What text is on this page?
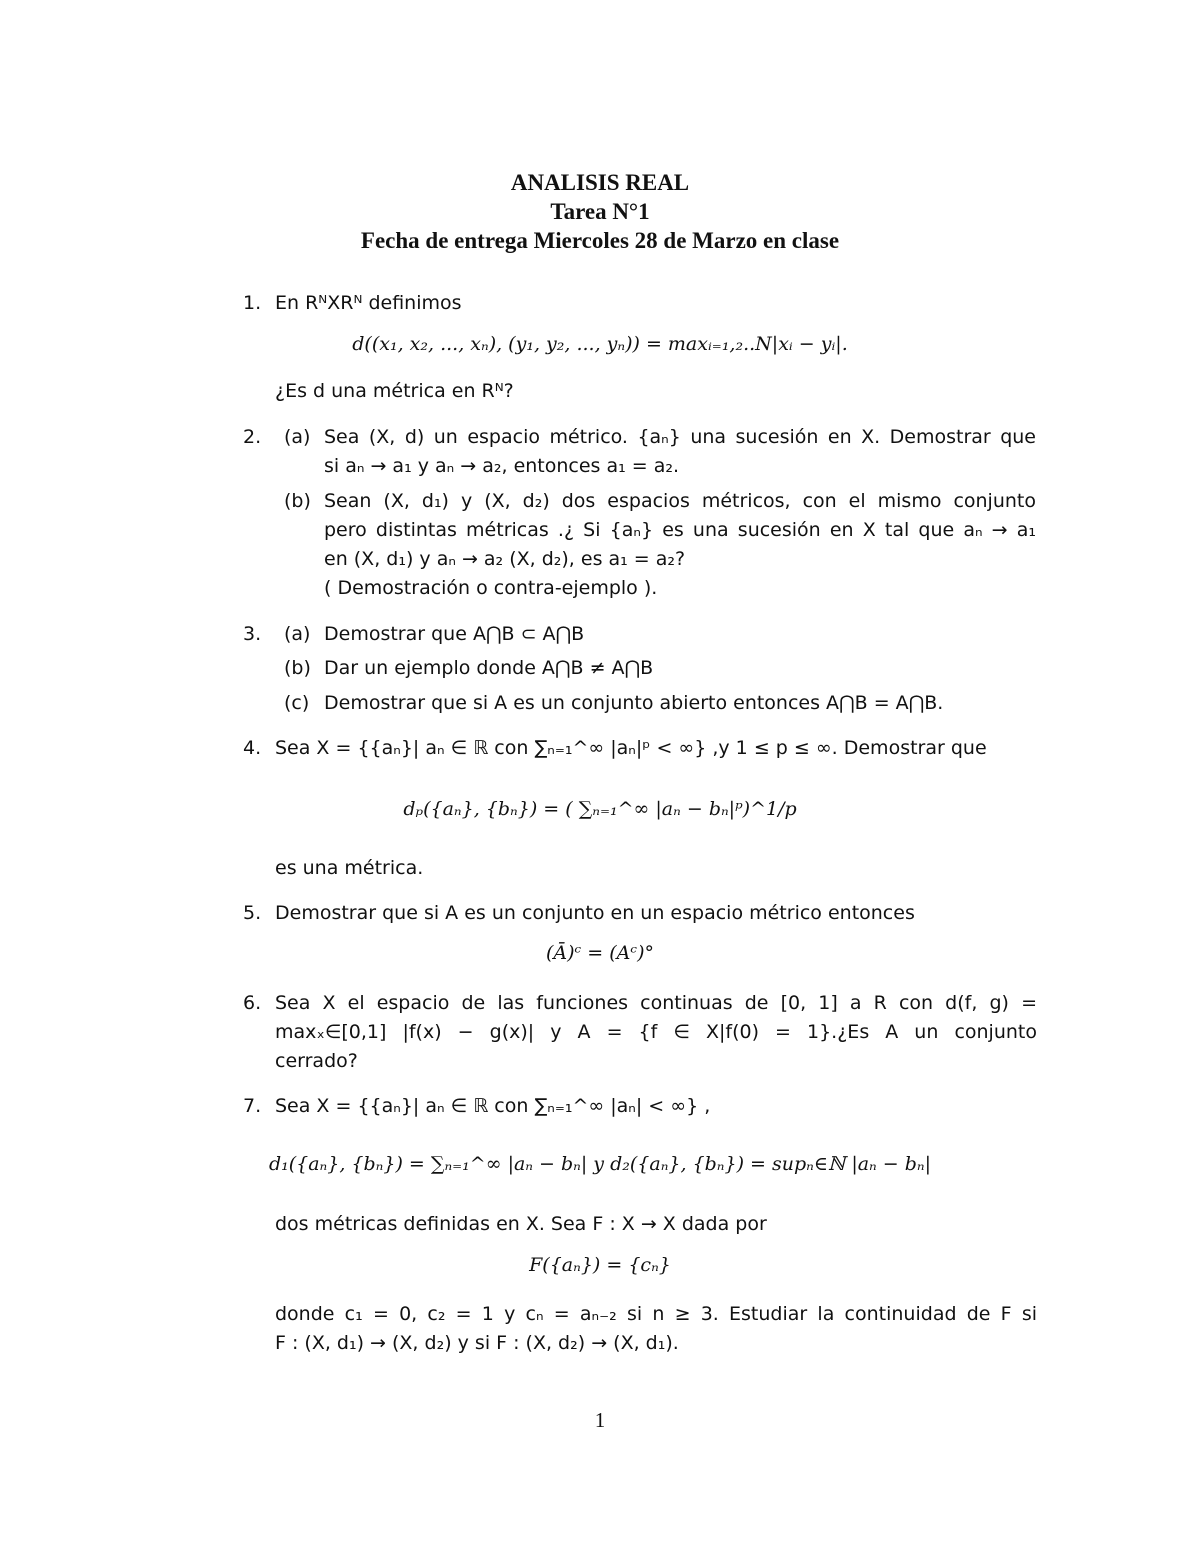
ANALISIS REAL
Tarea N°1
Fecha de entrega Miercoles 28 de Marzo en clase
1. En RᴺXRᴺ definimos
d((x₁, x₂, ..., xₙ), (y₁, y₂, ..., yₙ)) = maxᵢ₌₁,₂..N|xᵢ − yᵢ|.
¿Es d una métrica en Rᴺ?
2. (a) Sea (X, d) un espacio métrico. {aₙ} una sucesión en X. Demostrar que
si aₙ → a₁ y aₙ → a₂, entonces a₁ = a₂.
(b) Sean (X, d₁) y (X, d₂) dos espacios métricos, con el mismo conjunto
pero distintas métricas .¿ Si {aₙ} es una sucesión en X tal que aₙ → a₁
en (X, d₁) y aₙ → a₂ (X, d₂), es a₁ = a₂?
( Demostración o contra-ejemplo ).
3. (a) Demostrar que A⋂B ⊂ A⋂B
(b) Dar un ejemplo donde A⋂B ≠ A⋂B
(c) Demostrar que si A es un conjunto abierto entonces A⋂B = A⋂B.
4. Sea X = {{aₙ}| aₙ ∈ ℝ con ∑ₙ₌₁^∞ |aₙ|ᵖ < ∞} ,y 1 ≤ p ≤ ∞. Demostrar que
dₚ({aₙ}, {bₙ}) = ( ∑ₙ₌₁^∞ |aₙ − bₙ|ᵖ)^1/p
es una métrica.
5. Demostrar que si A es un conjunto en un espacio métrico entonces
(Ā)ᶜ = (Aᶜ)°
6. Sea X el espacio de las funciones continuas de [0, 1] a R con d(f, g) =
maxₓ∈[0,1] |f(x) − g(x)| y A = {f ∈ X|f(0) = 1}.¿Es A un conjunto
cerrado?
7. Sea X = {{aₙ}| aₙ ∈ ℝ con ∑ₙ₌₁^∞ |aₙ| < ∞} ,
d₁({aₙ}, {bₙ}) = ∑ₙ₌₁^∞ |aₙ − bₙ| y d₂({aₙ}, {bₙ}) = supₙ∈ℕ |aₙ − bₙ|
dos métricas definidas en X. Sea F : X → X dada por
F({aₙ}) = {cₙ}
donde c₁ = 0, c₂ = 1 y cₙ = aₙ₋₂ si n ≥ 3. Estudiar la continuidad de F si
F : (X, d₁) → (X, d₂) y si F : (X, d₂) → (X, d₁).
1
